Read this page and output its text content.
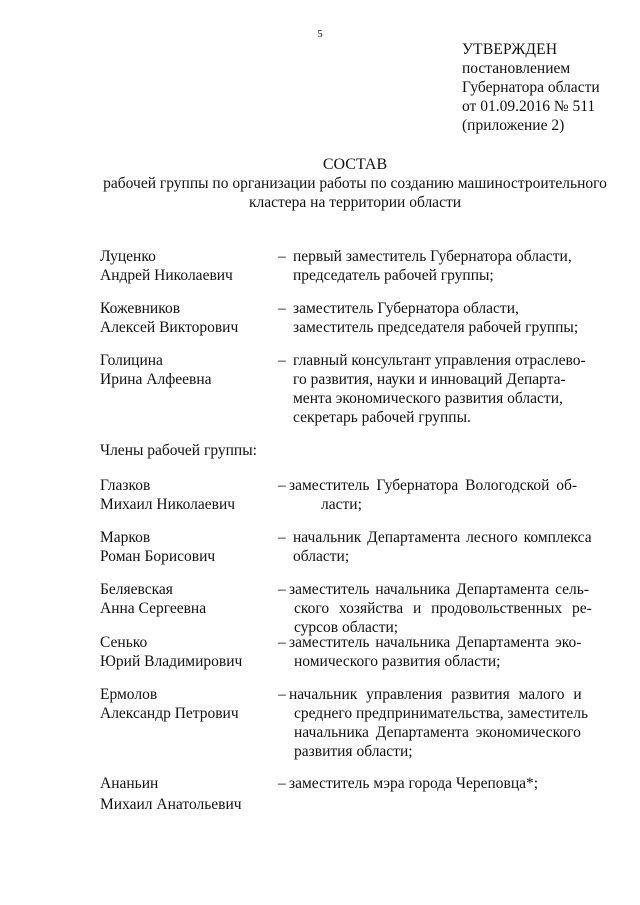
5
УТВЕРЖДЕН
постановлением
Губернатора области
от 01.09.2016 № 511
(приложение 2)
СОСТАВ
рабочей группы по организации работы по созданию машиностроительного
кластера на территории области
Луценко
Андрей Николаевич
– первый заместитель Губернатора области,
председатель рабочей группы;
Кожевников
Алексей Викторович
– заместитель Губернатора области,
заместитель председателя рабочей группы;
Голицина
Ирина Алфеевна
– главный консультант управления отраслево-
го развития, науки и инноваций Департа-
мента экономического развития области,
секретарь рабочей группы.
Члены рабочей группы:
Глазков
Михаил Николаевич
– заместитель Губернатора Вологодской об-
ласти;
Марков
Роман Борисович
– начальник Департамента лесного комплекса
области;
Беляевская
Анна Сергеевна
– заместитель начальника Департамента сель-
ского хозяйства и продовольственных ре-
сурсов области;
Сенько
Юрий Владимирович
– заместитель начальника Департамента эко-
номического развития области;
Ермолов
Александр Петрович
– начальник управления развития малого и
среднего предпринимательства, заместитель
начальника Департамента экономического
развития области;
Ананьин
Михаил Анатольевич
– заместитель мэра города Череповца*;
